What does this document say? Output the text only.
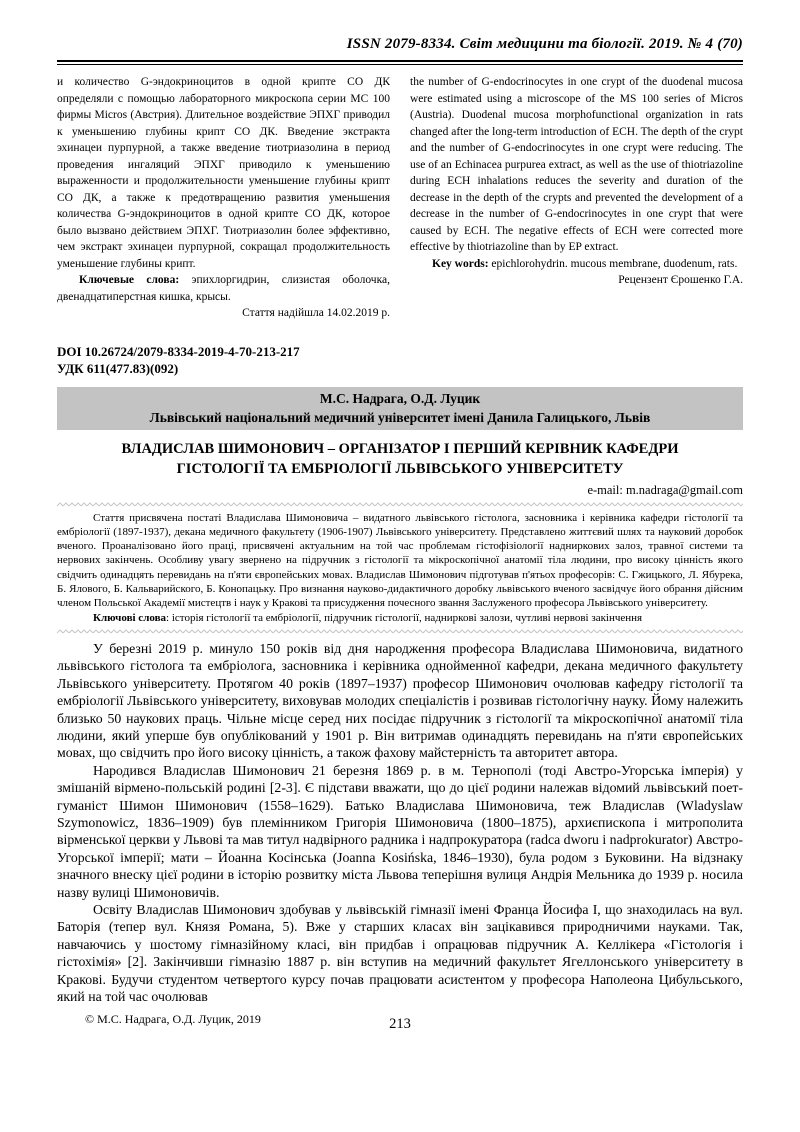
ISSN 2079-8334. Світ медицини та біології. 2019. № 4 (70)

и количество G-эндокриноцитов в одной крипте СО ДК определяли с помощью лабораторного микроскопа серии МС 100 фирмы Micros (Австрия). Длительное воздействие ЭПХГ приводил к уменьшению глубины крипт СО ДК. Введение экстракта эхинацеи пурпурной, а также введение тиотриазолина в период проведения ингаляций ЭПХГ приводило к уменьшению выраженности и продолжительности уменьшение глубины крипт СО ДК, а также к предотвращению развития уменьшения количества G-эндокриноцитов в одной крипте СО ДК, которое было вызвано действием ЭПХГ. Тиотриазолин более эффективно, чем экстракт эхинацеи пурпурной, сокращал продолжительность уменьшение глубины крипт.

Ключевые слова: эпихлоргидрин, слизистая оболочка, двенадцатиперстная кишка, крысы.

Стаття надійшла 14.02.2019 р.

the number of G-endocrinocytes in one crypt of the duodenal mucosa were estimated using a microscope of the MS 100 series of Micros (Austria). Duodenal mucosa morphofunctional organization in rats changed after the long-term introduction of ECH. The depth of the crypt and the number of G-endocrinocytes in one crypt were reducing. The use of an Echinacea purpurea extract, as well as the use of thiotriazoline during ECH inhalations reduces the severity and duration of the decrease in the depth of the crypts and prevented the development of a decrease in the number of G-endocrinocytes in one crypt that were caused by ECH. The negative effects of ECH were corrected more effective by thiotriazoline than by EP extract.

Key words: epichlorohydrin. mucous membrane, duodenum, rats.

Рецензент Єрошенко Г.А.

DOI 10.26724/2079-8334-2019-4-70-213-217
УДК 611(477.83)(092)
М.С. Надрага, О.Д. Луцик
Львівський національний медичний університет імені Данила Галицького, Львів
ВЛАДИСЛАВ ШИМОНОВИЧ – ОРГАНІЗАТОР І ПЕРШИЙ КЕРІВНИК КАФЕДРИ ГІСТОЛОГІЇ ТА ЕМБРІОЛОГІЇ ЛЬВІВСЬКОГО УНІВЕРСИТЕТУ
e-mail: m.nadraga@gmail.com

Стаття присвячена постаті Владислава Шимоновича – видатного львівського гістолога, засновника і керівника кафедри гістології та ембріології (1897-1937), декана медичного факультету (1906-1907) Львівського університету. Представлено життєвий шлях та науковий доробок вченого. Проаналізовано його праці, присвячені актуальним на той час проблемам гістофізіології надниркових залоз, травної системи та нервових закінчень. Особливу увагу звернено на підручник з гістології та мікроскопічної анатомії тіла людини, про високу цінність якого свідчить одинадцять перевидань на п'яти європейських мовах. Владислав Шимонович підготував п'ятьох професорів: С. Гжицького, Л. Ябурека, Б. Ялового, Б. Кальварийского, Б. Конопацьку. Про визнання науково-дидактичного доробку львівського вченого засвідчує його обрання дійсним членом Польської Академії мистецтв і наук у Кракові та присудження почесного звання Заслуженого професора Львівського університету.

Ключові слова: історія гістології та ембріології, підручник гістології, надниркові залози, чутливі нервові закінчення

У березні 2019 р. минуло 150 років від дня народження професора Владислава Шимоновича, видатного львівського гістолога та ембріолога, засновника і керівника однойменної кафедри, декана медичного факультету Львівського університету. Протягом 40 років (1897–1937) професор Шимонович очолював кафедру гістології та ембріології Львівського університету, виховував молодих спеціалістів і розвивав гістологічну науку. Йому належить близько 50 наукових праць. Чільне місце серед них посідає підручник з гістології та мікроскопічної анатомії тіла людини, який уперше був опублікований у 1901 р. Він витримав одинадцять перевидань на п'яти європейських мовах, що свідчить про його високу цінність, а також фахову майстерність та авторитет автора.

Народився Владислав Шимонович 21 березня 1869 р. в м. Тернополі (тоді Австро-Угорська імперія) у змішаній вірмено-польській родині [2-3]. Є підстави вважати, що до цієї родини належав відомий львівський поет-гуманіст Шимон Шимонович (1558–1629). Батько Владислава Шимоновича, теж Владислав (Wladyslaw Szymonowicz, 1836–1909) був племінником Григорія Шимоновича (1800–1875), архиєпископа і митрополита вірменської церкви у Львові та мав титул надвірного радника і надпрокуратора (radca dworu i nadprokurator) Австро-Угорської імперії; мати – Йоанна Косінська (Joanna Kosińska, 1846–1930), була родом з Буковини. На відзнаку значного внеску цієї родини в історію розвитку міста Львова теперішня вулиця Андрія Мельника до 1939 р. носила назву вулиці Шимоновичів.

Освіту Владислав Шимонович здобував у львівській гімназії імені Франца Йосифа І, що знаходилась на вул. Баторія (тепер вул. Князя Романа, 5). Вже у старших класах він зацікавився природничими науками. Так, навчаючись у шостому гімназійному класі, він придбав і опрацював підручник А. Келлікера «Гістологія і гістохімія» [2]. Закінчивши гімназію 1887 р. він вступив на медичний факультет Ягеллонського університету в Кракові. Будучи студентом четвертого курсу почав працювати асистентом у професора Наполеона Цибульського, який на той час очолював

© М.С. Надрага, О.Д. Луцик, 2019	213
